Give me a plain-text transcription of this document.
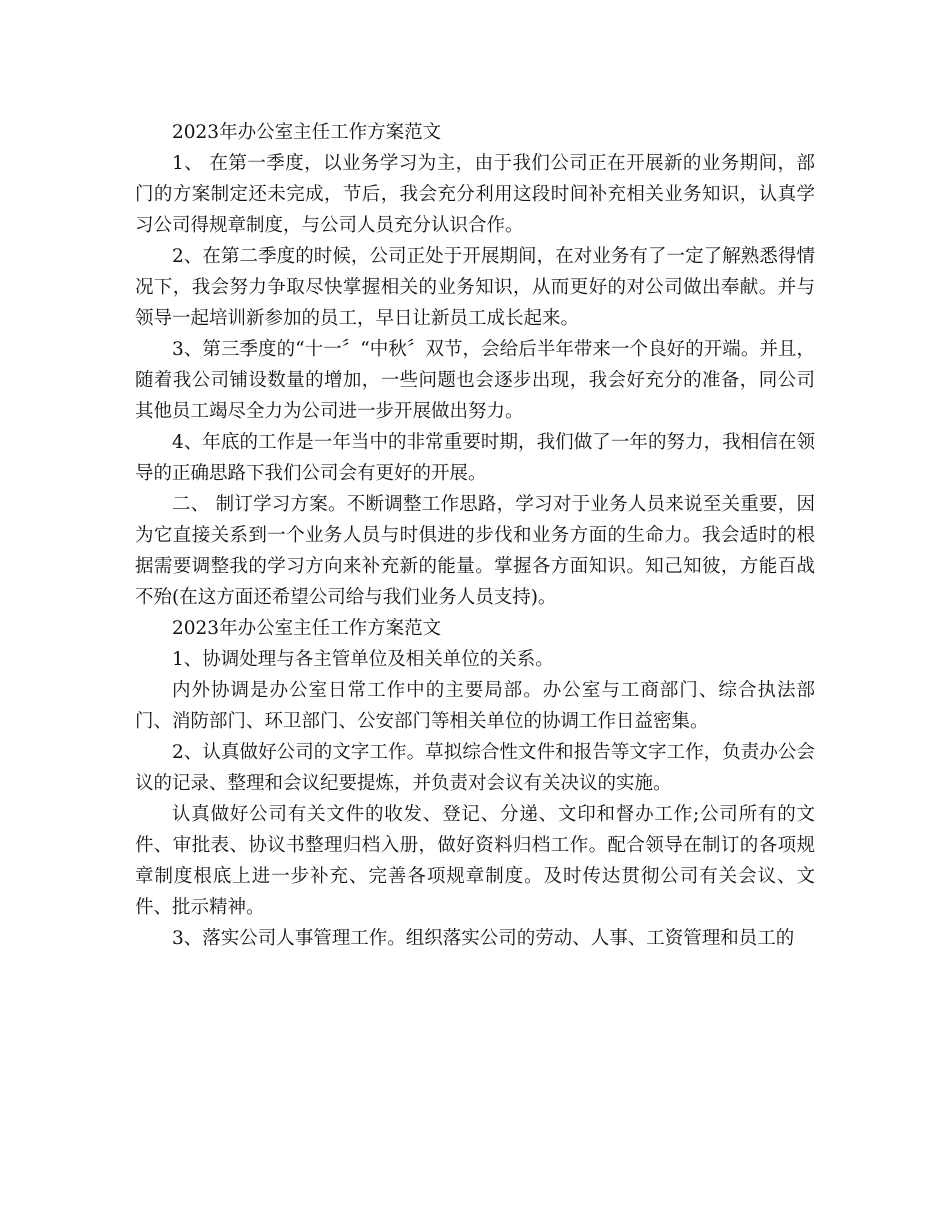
2023年办公室主任工作方案范文

1、 在第一季度，以业务学习为主，由于我们公司正在开展新的业务期间，部门的方案制定还未完成，节后，我会充分利用这段时间补充相关业务知识，认真学习公司得规章制度，与公司人员充分认识合作。

2、在第二季度的时候，公司正处于开展期间，在对业务有了一定了解熟悉得情况下，我会努力争取尽快掌握相关的业务知识，从而更好的对公司做出奉献。并与领导一起培训新参加的员工，早日让新员工成长起来。

3、第三季度的“十一〞“中秋〞双节，会给后半年带来一个良好的开端。并且，随着我公司铺设数量的增加，一些问题也会逐步出现，我会好充分的准备，同公司其他员工竭尽全力为公司进一步开展做出努力。

4、年底的工作是一年当中的非常重要时期，我们做了一年的努力，我相信在领导的正确思路下我们公司会有更好的开展。

二、 制订学习方案。不断调整工作思路，学习对于业务人员来说至关重要，因为它直接关系到一个业务人员与时俱进的步伐和业务方面的生命力。我会适时的根据需要调整我的学习方向来补充新的能量。掌握各方面知识。知己知彼，方能百战不殆(在这方面还希望公司给与我们业务人员支持)。

2023年办公室主任工作方案范文

1、协调处理与各主管单位及相关单位的关系。

内外协调是办公室日常工作中的主要局部。办公室与工商部门、综合执法部门、消防部门、环卫部门、公安部门等相关单位的协调工作日益密集。

2、认真做好公司的文字工作。草拟综合性文件和报告等文字工作，负责办公会议的记录、整理和会议纪要提炼，并负责对会议有关决议的实施。

认真做好公司有关文件的收发、登记、分递、文印和督办工作;公司所有的文件、审批表、协议书整理归档入册，做好资料归档工作。配合领导在制订的各项规章制度根底上进一步补充、完善各项规章制度。及时传达贯彻公司有关会议、文件、批示精神。

3、落实公司人事管理工作。组织落实公司的劳动、人事、工资管理和员工的
